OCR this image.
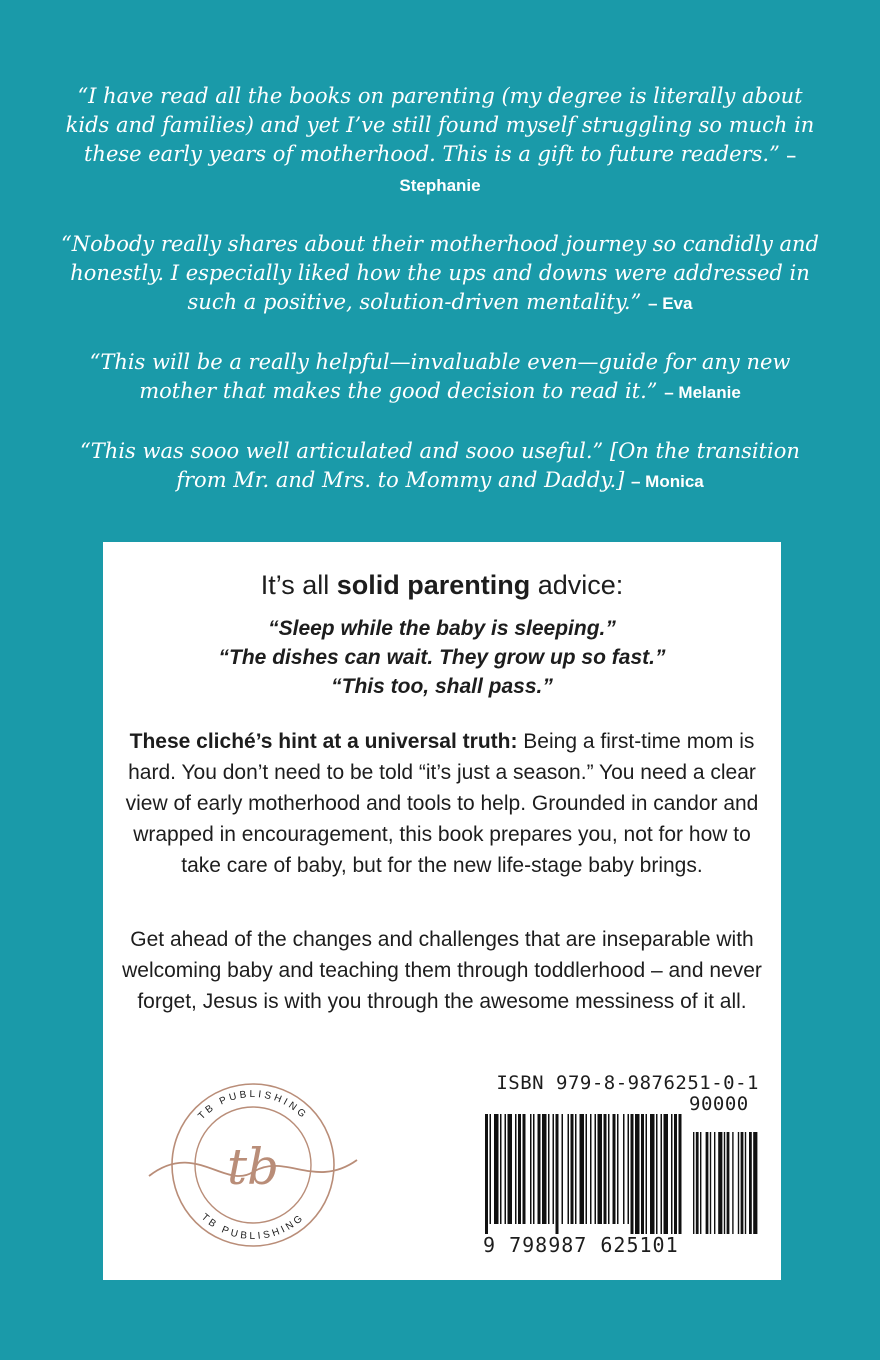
“I have read all the books on parenting (my degree is literally about kids and families) and yet I’ve still found myself struggling so much in these early years of motherhood. This is a gift to future readers.” – Stephanie

“Nobody really shares about their motherhood journey so candidly and honestly. I especially liked how the ups and downs were addressed in such a positive, solution-driven mentality.” – Eva

“This will be a really helpful—invaluable even—guide for any new mother that makes the good decision to read it.” – Melanie

“This was sooo well articulated and sooo useful.” [On the transition from Mr. and Mrs. to Mommy and Daddy.] – Monica

It’s all solid parenting advice:
“Sleep while the baby is sleeping.”
“The dishes can wait. They grow up so fast.”
“This too, shall pass.”
These cliché’s hint at a universal truth: Being a first-time mom is hard. You don’t need to be told “it’s just a season.” You need a clear view of early motherhood and tools to help. Grounded in candor and wrapped in encouragement, this book prepares you, not for how to take care of baby, but for the new life-stage baby brings.
Get ahead of the changes and challenges that are inseparable with welcoming baby and teaching them through toddlerhood – and never forget, Jesus is with you through the awesome messiness of it all.
TB PUBLISHING
TB PUBLISHING
tb
ISBN 979-8-9876251-0-1
90000
9 798987 625101
